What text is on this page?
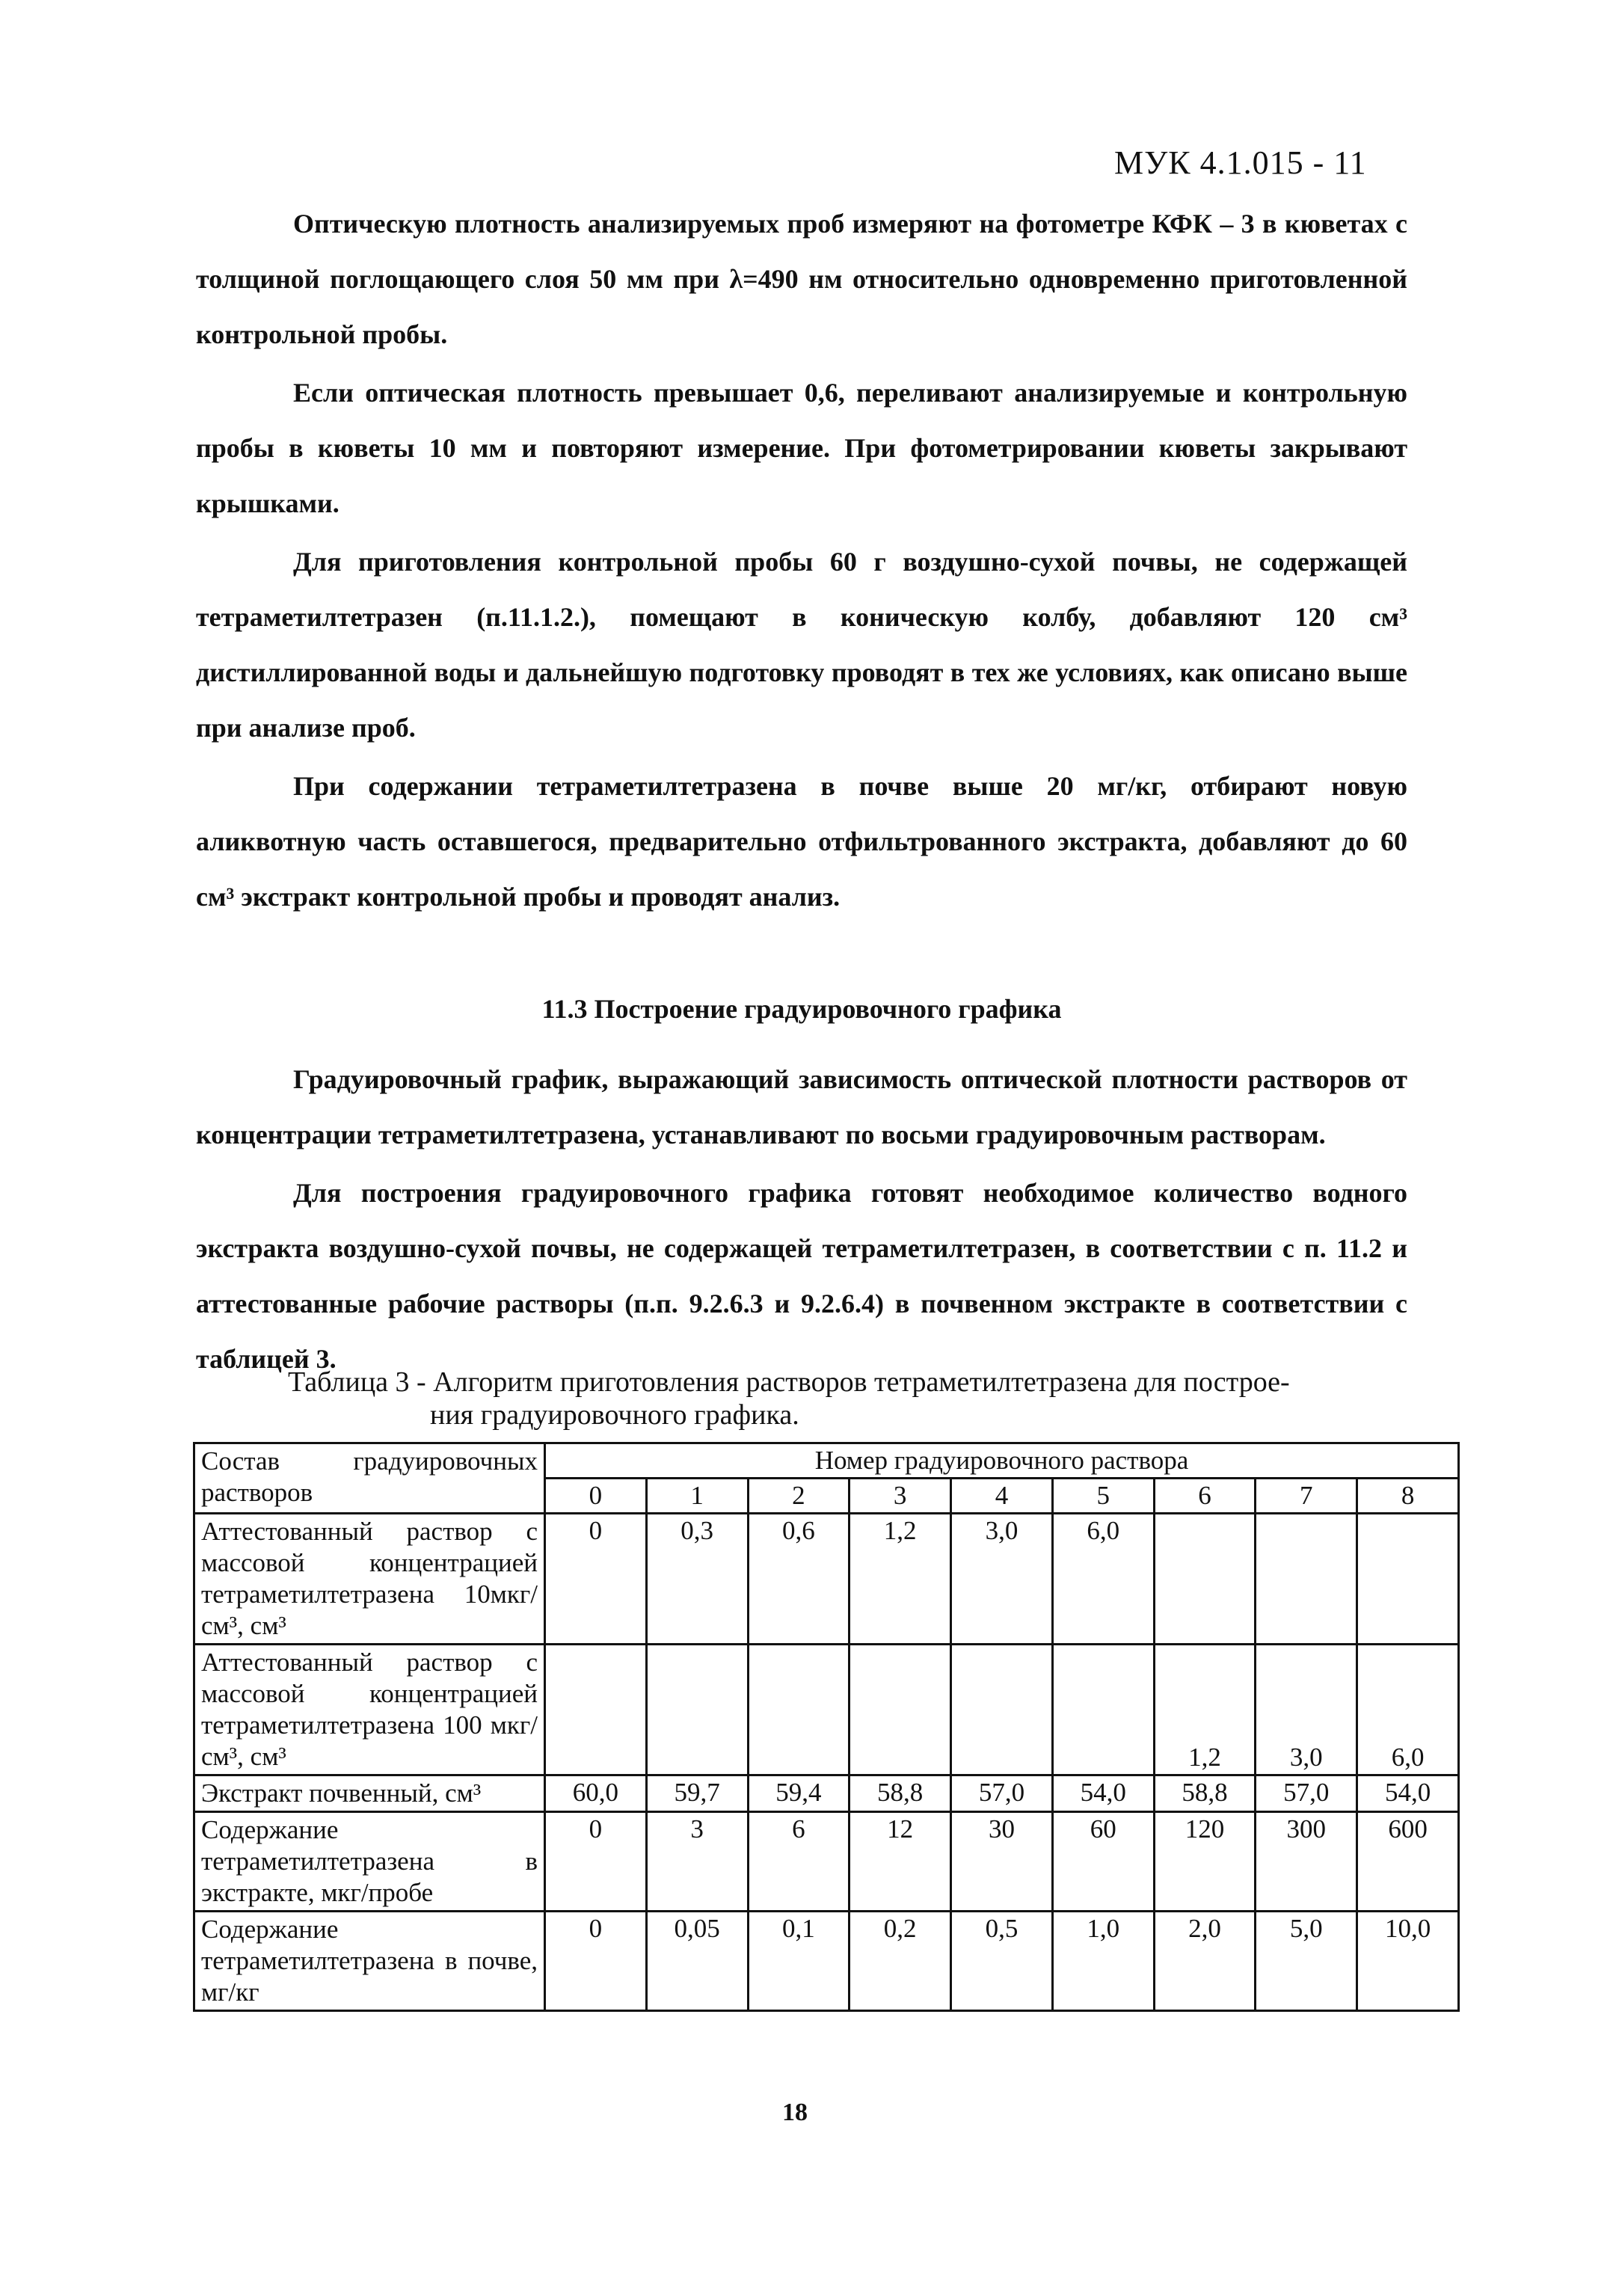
МУК 4.1.015 - 11

Оптическую плотность анализируемых проб измеряют на фотометре КФК – 3 в кюветах с толщиной поглощающего слоя 50 мм при λ=490 нм относительно одновременно приготовленной контрольной пробы.

Если оптическая плотность превышает 0,6, переливают анализируемые и контрольную пробы в кюветы 10 мм и повторяют измерение. При фотометрировании кюветы закрывают крышками.

Для приготовления контрольной пробы 60 г воздушно-сухой почвы, не содержащей тетраметилтетразен (п.11.1.2.), помещают в коническую колбу, добавляют 120 см³ дистиллированной воды и дальнейшую подготовку проводят в тех же условиях, как описано выше при анализе проб.

При содержании тетраметилтетразена в почве выше 20 мг/кг, отбирают новую аликвотную часть оставшегося, предварительно отфильтрованного экстракта, добавляют до 60 см³ экстракт контрольной пробы и проводят анализ.

11.3 Построение градуировочного графика

Градуировочный график, выражающий зависимость оптической плотности растворов от концентрации тетраметилтетразена, устанавливают по восьми градуировочным растворам.

Для построения градуировочного графика готовят необходимое количество водного экстракта воздушно-сухой почвы, не содержащей тетраметилтетразен, в соответствии с п. 11.2 и аттестованные рабочие растворы (п.п. 9.2.6.3 и 9.2.6.4) в почвенном экстракте в соответствии с таблицей 3.

Таблица 3 - Алгоритм приготовления растворов тетраметилтетразена для построе-
ния градуировочного графика.
Состав градуировочных растворов	Номер градуировочного раствора								
	0	1	2	3	4	5	6	7	8
Аттестованный раствор с массовой концентрацией тетраметилтетразена 10мкг/см³, см³	0	0,3	0,6	1,2	3,0	6,0			
Аттестованный раствор с массовой концентрацией тетраметилтетразена 100 мкг/см³, см³							1,2	3,0	6,0
Экстракт почвенный, см³	60,0	59,7	59,4	58,8	57,0	54,0	58,8	57,0	54,0
Содержание тетраметилтетразена в экстракте, мкг/пробе	0	3	6	12	30	60	120	300	600
Содержание тетраметилтетразена в почве, мг/кг	0	0,05	0,1	0,2	0,5	1,0	2,0	5,0	10,0
18
